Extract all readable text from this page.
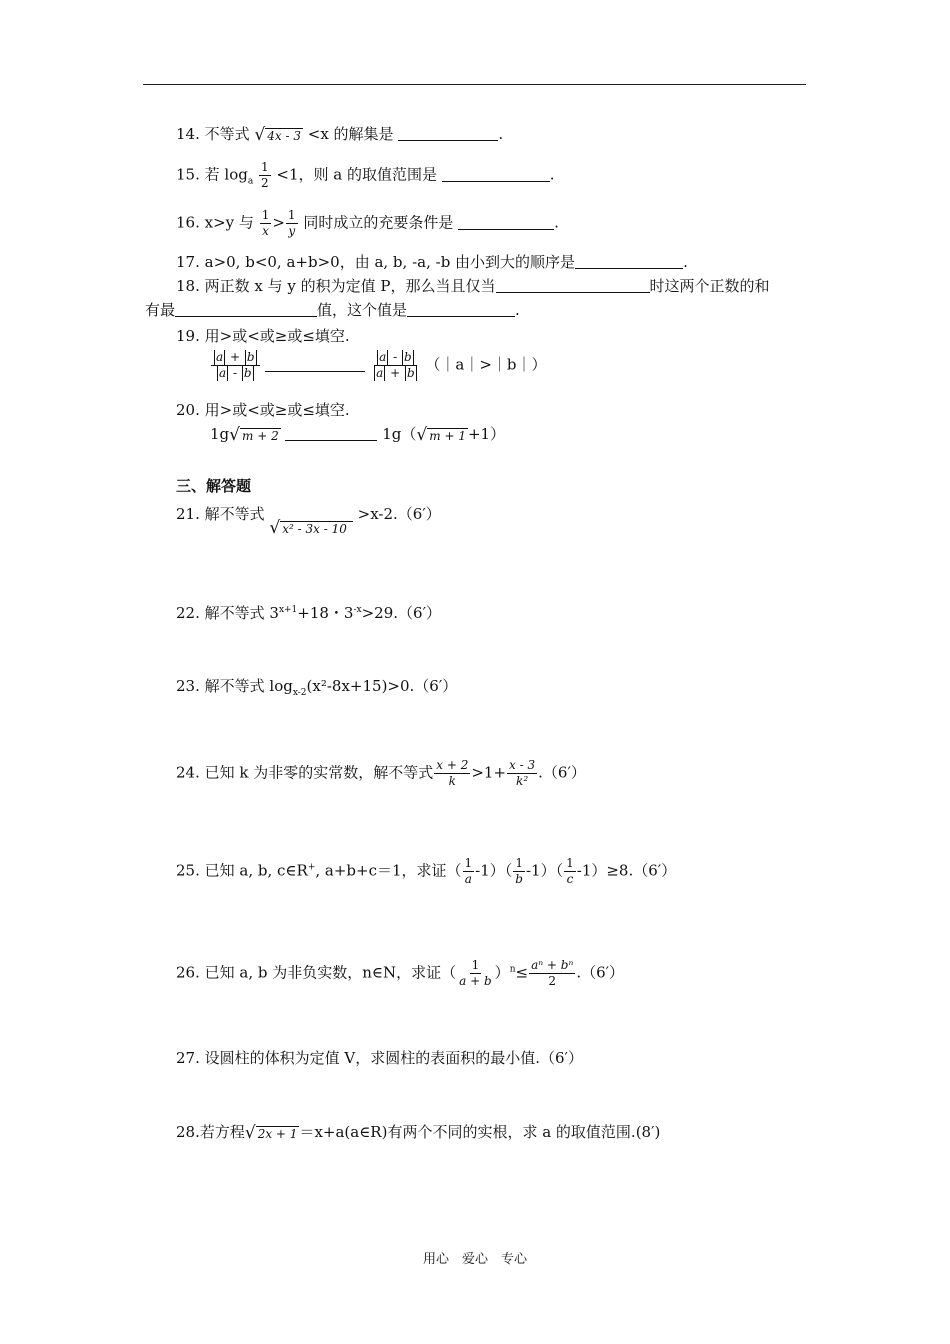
14. 不等式 √ 4x - 3 <x 的解集是	.
15. 若 $\log_a \frac{1}{2} <1$，则 a 的取值范围是	.
16. x>y 与 $\frac{1}{x} > \frac{1}{y}$ 同时成立的充要条件是	.
17. a>0, b<0, a+b>0，由 a, b, -a, -b 由小到大的顺序是	.
18. 两正数 x 与 y 的积为定值 P，那么当且仅当	时这两个正数的和
有最	值，这个值是	.
19. 用>或<或≥或≤填空.
$\frac{a + b}{a - b}$
	$\frac{a - b}{a + b}$ （｜a｜>｜b｜）
20. 用>或<或≥或≤填空.
1g √ m + 2	1g（ √ m + 1 +1）
三、解答题
21. 解不等式
√ x² - 3x - 10
>x-2.（6′）
22. 解不等式 $3^{x+1}+18$・$3^{-x}>29.(6')$
23. 解不等式 $\log_{x-2}(x^2-8x+15)>0.(6')$
24. 已知 k 为非零的实常数，解不等式 $\frac{x + 2}{k} >1+ \frac{x - 3}{\text{k²}} .(6')$
25. 已知 a, b, c∈R+, a+b+c＝1，求证（ $\frac{1}{a} -1)( \frac{1}{b} -1)( \frac{1}{c} -1)\ge 8.(6')$
26. 已知 a, b 为非负实数，n∈N，求证（ $\frac{1}{a + b} )^n\le \frac{\text{aⁿ + bⁿ}}{2} .(6')$
27. 设圆柱的体积为定值 V，求圆柱的表面积的最小值.（6′）
28.若方程 √ 2x + 1 ＝x+a(a∈R)有两个不同的实根，求 a 的取值范围.(8′)
用心　爱心　专心
